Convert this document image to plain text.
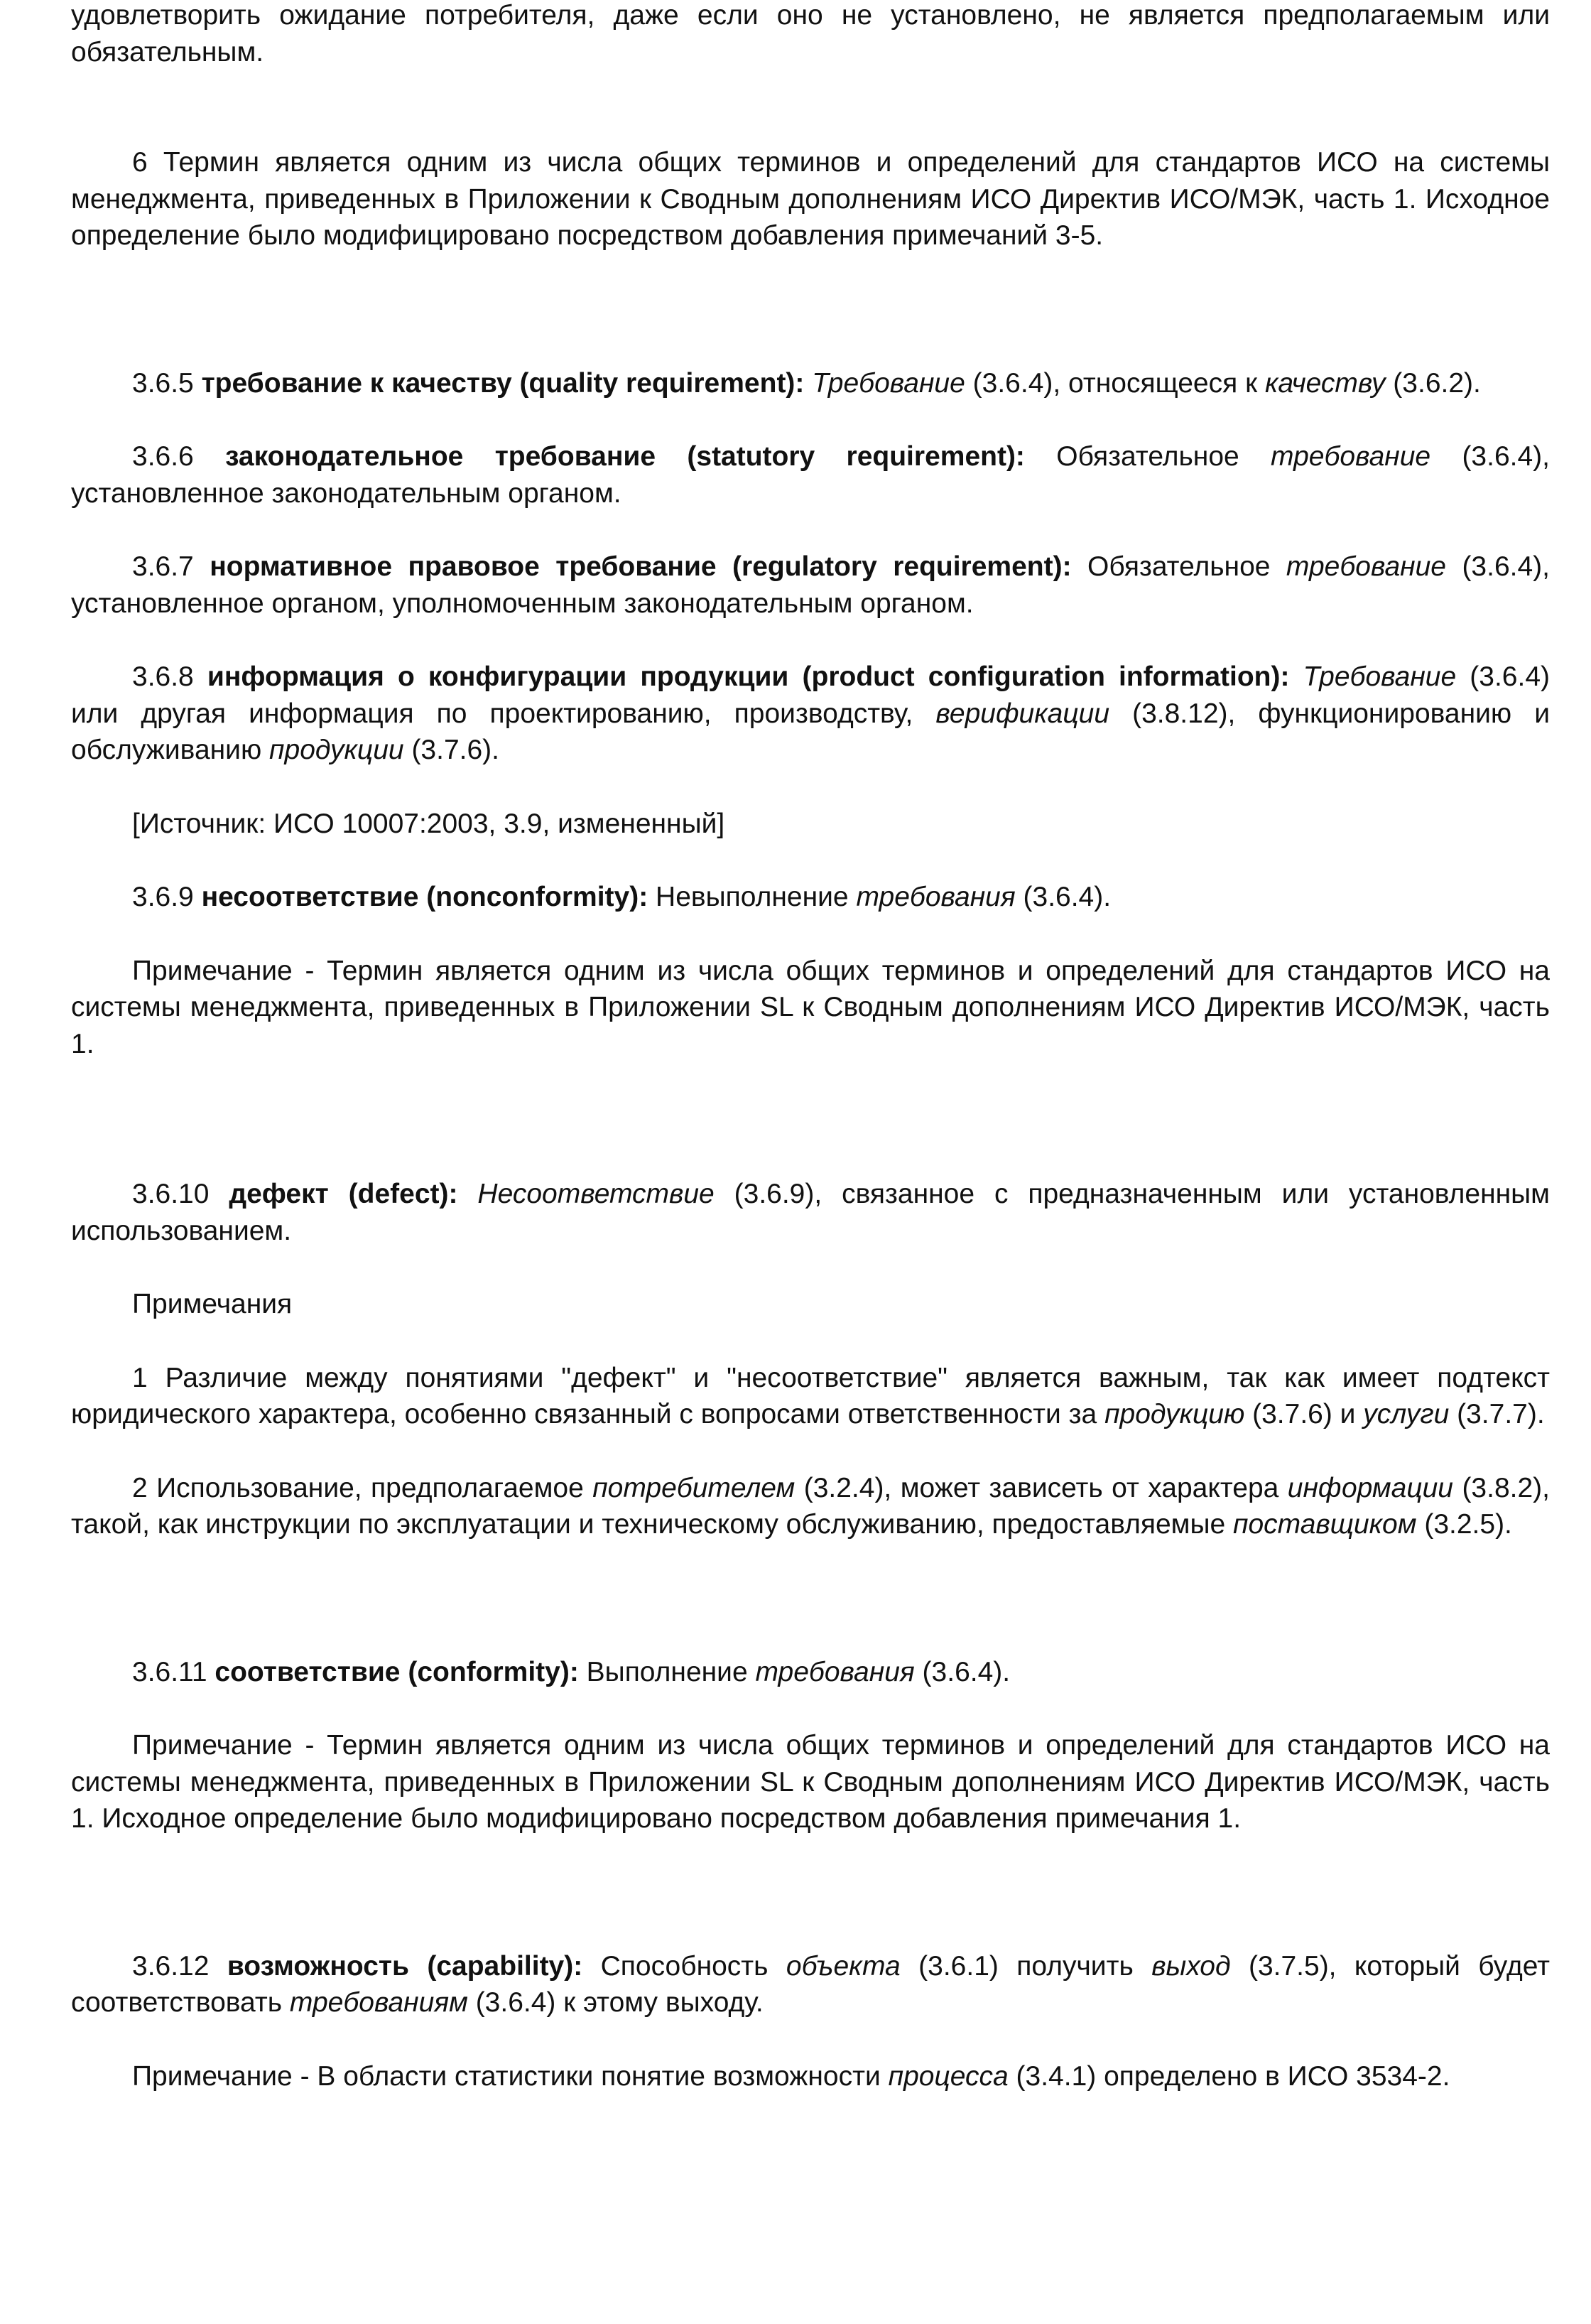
удовлетворить ожидание потребителя, даже если оно не установлено, не является предполагаемым или обязательным.

6 Термин является одним из числа общих терминов и определений для стандартов ИСО на системы менеджмента, приведенных в Приложении к Сводным дополнениям ИСО Директив ИСО/МЭК, часть 1. Исходное определение было модифицировано посредством добавления примечаний 3-5.

3.6.5 требование к качеству (quality requirement): Требование (3.6.4), относящееся к качеству (3.6.2).

3.6.6 законодательное требование (statutory requirement): Обязательное требование (3.6.4), установленное законодательным органом.

3.6.7 нормативное правовое требование (regulatory requirement): Обязательное требование (3.6.4), установленное органом, уполномоченным законодательным органом.

3.6.8 информация о конфигурации продукции (product configuration information): Требование (3.6.4) или другая информация по проектированию, производству, верификации (3.8.12), функционированию и обслуживанию продукции (3.7.6).

[Источник: ИСО 10007:2003, 3.9, измененный]

3.6.9 несоответствие (nonconformity): Невыполнение требования (3.6.4).

Примечание - Термин является одним из числа общих терминов и определений для стандартов ИСО на системы менеджмента, приведенных в Приложении SL к Сводным дополнениям ИСО Директив ИСО/МЭК, часть 1.

3.6.10 дефект (defect): Несоответствие (3.6.9), связанное с предназначенным или установленным использованием.

Примечания

1 Различие между понятиями "дефект" и "несоответствие" является важным, так как имеет подтекст юридического характера, особенно связанный с вопросами ответственности за продукцию (3.7.6) и услуги (3.7.7).

2 Использование, предполагаемое потребителем (3.2.4), может зависеть от характера информации (3.8.2), такой, как инструкции по эксплуатации и техническому обслуживанию, предоставляемые поставщиком (3.2.5).

3.6.11 соответствие (conformity): Выполнение требования (3.6.4).

Примечание - Термин является одним из числа общих терминов и определений для стандартов ИСО на системы менеджмента, приведенных в Приложении SL к Сводным дополнениям ИСО Директив ИСО/МЭК, часть 1. Исходное определение было модифицировано посредством добавления примечания 1.

3.6.12 возможность (capability): Способность объекта (3.6.1) получить выход (3.7.5), который будет соответствовать требованиям (3.6.4) к этому выходу.

Примечание - В области статистики понятие возможности процесса (3.4.1) определено в ИСО 3534-2.
